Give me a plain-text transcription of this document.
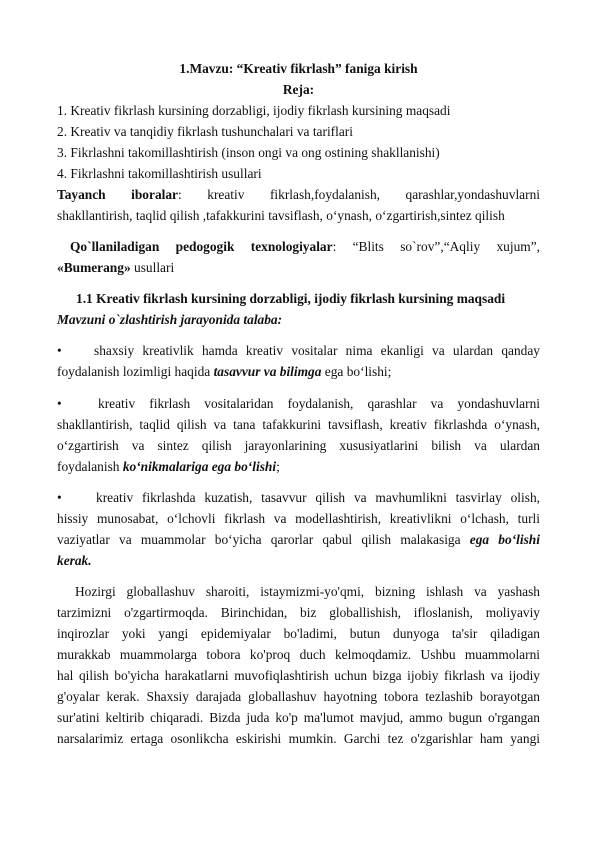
1.Mavzu: “Kreativ fikrlash” faniga kirish
Reja:
1. Kreativ fikrlash kursining dorzabligi, ijodiy fikrlash kursining maqsadi
2. Kreativ va tanqidiy fikrlash tushunchalari va tariflari
3. Fikrlashni takomillashtirish (inson ongi va ong ostining shakllanishi)
4. Fikrlashni takomillashtirish usullari
Tayanch iboralar: kreativ fikrlash,foydalanish, qarashlar,yondashuvlarni
shakllantirish, taqlid qilish ,tafakkurini tavsiflash, o‘ynash, o‘zgartirish,sintez qilish
Qo`llaniladigan pedogogik texnologiyalar: “Blits so`rov”,“Aqliy xujum”,
«Bumerang» usullari
1.1 Kreativ fikrlash kursining dorzabligi, ijodiy fikrlash kursining maqsadi
Mavzuni o`zlashtirish jarayonida talaba:
•	shaxsiy kreativlik hamda kreativ vositalar nima ekanligi va ulardan qanday
foydalanish lozimligi haqida tasavvur va bilimga ega bo‘lishi;
•	kreativ fikrlash vositalaridan foydalanish, qarashlar va yondashuvlarni
shakllantirish, taqlid qilish va tana tafakkurini tavsiflash, kreativ fikrlashda o‘ynash,
o‘zgartirish va sintez qilish jarayonlarining xususiyatlarini bilish va ulardan
foydalanish ko‘nikmalariga ega bo‘lishi;
•	kreativ fikrlashda kuzatish, tasavvur qilish va mavhumlikni tasvirlay olish,
hissiy munosabat, o‘lchovli fikrlash va modellashtirish, kreativlikni o‘lchash, turli
vaziyatlar va muammolar bo‘yicha qarorlar qabul qilish malakasiga ega bo‘lishi
kerak.
Hozirgi globallashuv sharoiti, istaymizmi-yo'qmi, bizning ishlash va yashash
tarzimizni o'zgartirmoqda. Birinchidan, biz globallishish, ifloslanish, moliyaviy
inqirozlar yoki yangi epidemiyalar bo'ladimi, butun dunyoga ta'sir qiladigan
murakkab muammolarga tobora ko'proq duch kelmoqdamiz. Ushbu muammolarni
hal qilish bo'yicha harakatlarni muvofiqlashtirish uchun bizga ijobiy fikrlash va ijodiy
g'oyalar kerak. Shaxsiy darajada globallashuv hayotning tobora tezlashib borayotgan
sur'atini keltirib chiqaradi. Bizda juda ko'p ma'lumot mavjud, ammo bugun o'rgangan
narsalarimiz ertaga osonlikcha eskirishi mumkin. Garchi tez o'zgarishlar ham yangi
